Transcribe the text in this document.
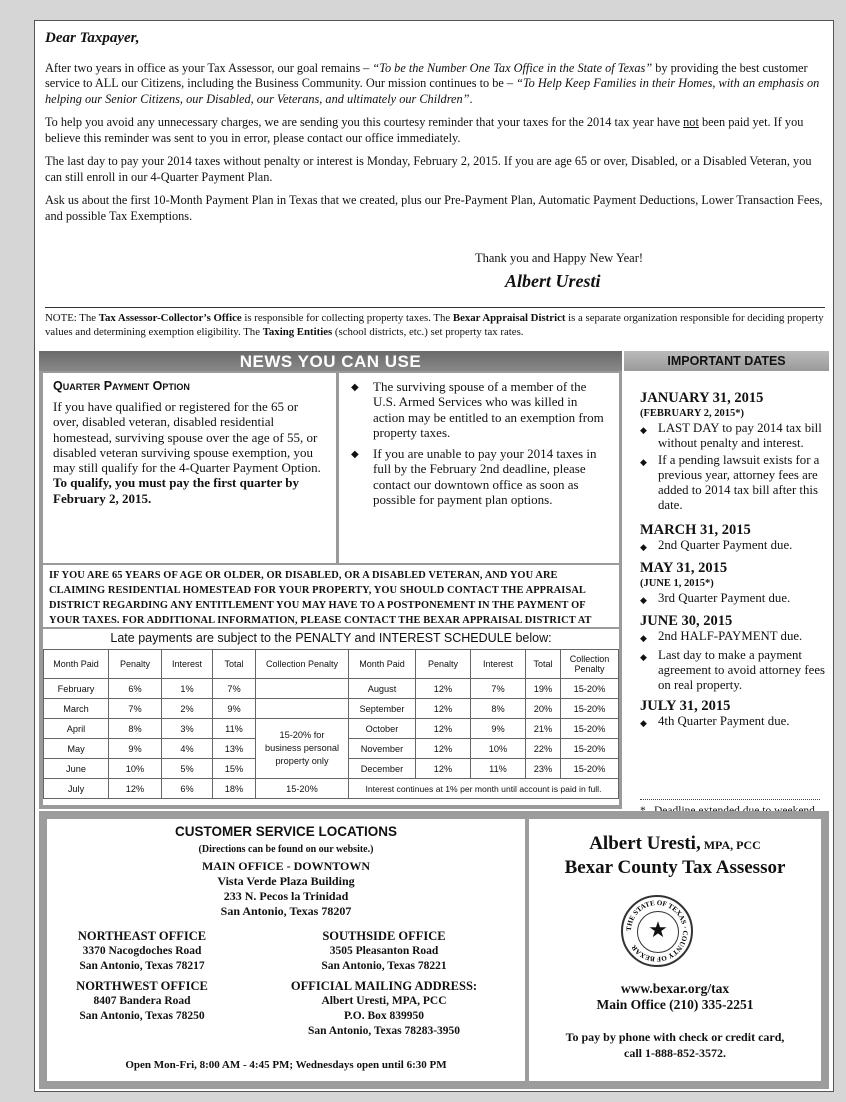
Dear Taxpayer,

After two years in office as your Tax Assessor, our goal remains – “To be the Number One Tax Office in the State of Texas” by providing the best customer service to ALL our Citizens, including the Business Community. Our mission continues to be – “To Help Keep Families in their Homes, with an emphasis on helping our Senior Citizens, our Disabled, our Veterans, and ultimately our Children”.

To help you avoid any unnecessary charges, we are sending you this courtesy reminder that your taxes for the 2014 tax year have not been paid yet. If you believe this reminder was sent to you in error, please contact our office immediately.

The last day to pay your 2014 taxes without penalty or interest is Monday, February 2, 2015. If you are age 65 or over, Disabled, or a Disabled Veteran, you can still enroll in our 4-Quarter Payment Plan.

Ask us about the first 10-Month Payment Plan in Texas that we created, plus our Pre-Payment Plan, Automatic Payment Deductions, Lower Transaction Fees, and possible Tax Exemptions.

Thank you and Happy New Year!
Albert Uresti
NOTE: The Tax Assessor-Collector’s Office is responsible for collecting property taxes. The Bexar Appraisal District is a separate organization responsible for deciding property values and determining exemption eligibility. The Taxing Entities (school districts, etc.) set property tax rates.
NEWS YOU CAN USE
Quarter Payment Option
If you have qualified or registered for the 65 or over, disabled veteran, disabled residential homestead, surviving spouse over the age of 55, or disabled veteran surviving spouse exemption, you may still qualify for the 4-Quarter Payment Option. To qualify, you must pay the first quarter by February 2, 2015.
◆	The surviving spouse of a member of the U.S. Armed Services who was killed in action may be entitled to an exemption from property taxes.
◆	If you are unable to pay your 2014 taxes in full by the February 2nd deadline, please contact our downtown office as soon as possible for payment plan options.
IF YOU ARE 65 YEARS OF AGE OR OLDER, OR DISABLED, OR A DISABLED VETERAN, AND YOU ARE CLAIMING RESIDENTIAL HOMESTEAD FOR YOUR PROPERTY, YOU SHOULD CONTACT THE APPRAISAL DISTRICT REGARDING ANY ENTITLEMENT YOU MAY HAVE TO A POSTPONEMENT IN THE PAYMENT OF YOUR TAXES. FOR ADDITIONAL INFORMATION, PLEASE CONTACT THE BEXAR APPRAISAL DISTRICT AT
Late payments are subject to the PENALTY and INTEREST SCHEDULE below:
Month Paid	Penalty	Interest	Total	Collection Penalty	Month Paid	Penalty	Interest	Total	Collection Penalty
February	6%	1%	7%		August	12%	7%	19%	15-20%
March	7%	2%	9%		September	12%	8%	20%	15-20%
April	8%	3%	11%	15-20% for business personal property only	October	12%	9%	21%	15-20%
May	9%	4%	13%		November	12%	10%	22%	15-20%
June	10%	5%	15%		December	12%	11%	23%	15-20%
July	12%	6%	18%	15-20%	Interest continues at 1% per month until account is paid in full.				
IMPORTANT DATES
JANUARY 31, 2015
(FEBRUARY 2, 2015*)
◆ LAST DAY to pay 2014 tax bill without penalty and interest.
◆ If a pending lawsuit exists for a previous year, attorney fees are added to 2014 tax bill after this date.
MARCH 31, 2015
◆ 2nd Quarter Payment due.
MAY 31, 2015
(JUNE 1, 2015*)
◆ 3rd Quarter Payment due.
JUNE 30, 2015
◆ 2nd HALF-PAYMENT due.
◆ Last day to make a payment agreement to avoid attorney fees on real property.
JULY 31, 2015
◆ 4th Quarter Payment due.
CUSTOMER SERVICE LOCATIONS
(Directions can be found on our website.)
MAIN OFFICE - DOWNTOWN
Vista Verde Plaza Building
233 N. Pecos la Trinidad
San Antonio, Texas 78207
NORTHEAST OFFICE
3370 Nacogdoches Road
San Antonio, Texas 78217
SOUTHSIDE OFFICE
3505 Pleasanton Road
San Antonio, Texas 78221
NORTHWEST OFFICE
8407 Bandera Road
San Antonio, Texas 78250
OFFICIAL MAILING ADDRESS:
Albert Uresti, MPA, PCC
P.O. Box 839950
San Antonio, Texas 78283-3950
Open Mon-Fri, 8:00 AM - 4:45 PM; Wednesdays open until 6:30 PM
Albert Uresti, MPA, PCC
Bexar County Tax Assessor
THE STATE OF TEXAS · COUNTY OF BEXAR
★
www.bexar.org/tax
Main Office (210) 335-2251
To pay by phone with check or credit card,
call 1-888-852-3572.
